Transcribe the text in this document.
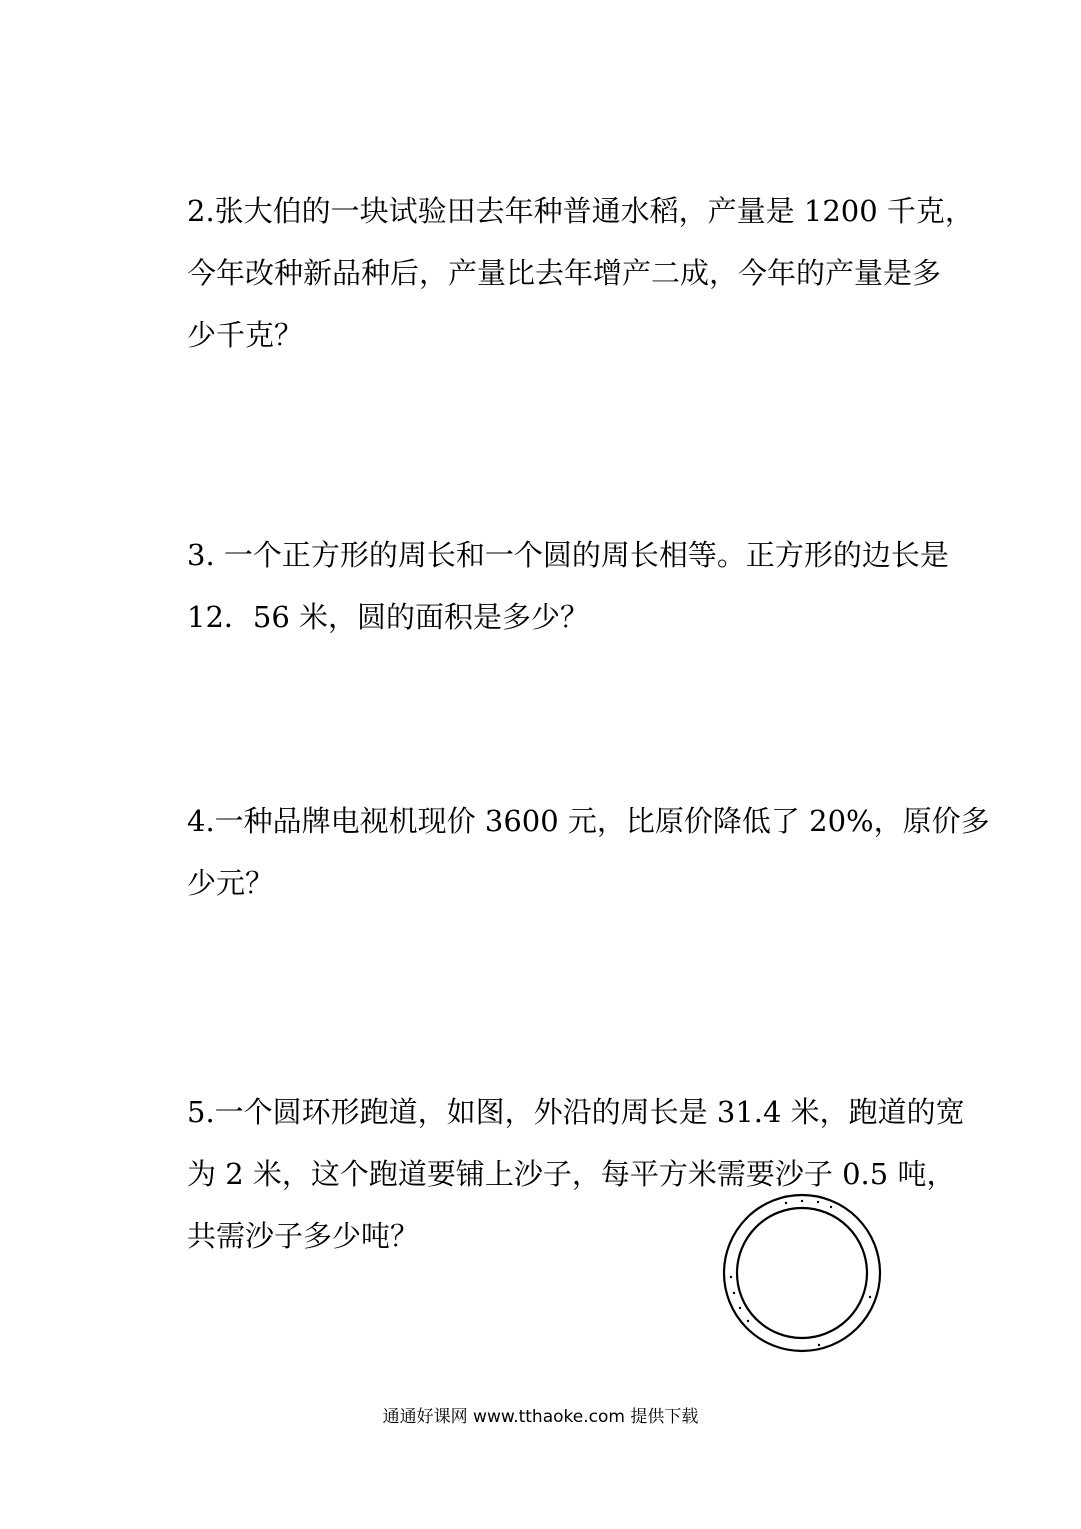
2.张大伯的一块试验田去年种普通水稻，产量是 1200 千克，
今年改种新品种后，产量比去年增产二成，今年的产量是多
少千克？
3. 一个正方形的周长和一个圆的周长相等。正方形的边长是
12．56 米，圆的面积是多少？
4.一种品牌电视机现价 3600 元，比原价降低了 20%，原价多
少元？
5.一个圆环形跑道，如图，外沿的周长是 31.4 米，跑道的宽
为 2 米，这个跑道要铺上沙子，每平方米需要沙子 0.5 吨，
共需沙子多少吨？
通通好课网 www.tthaoke.com 提供下载
